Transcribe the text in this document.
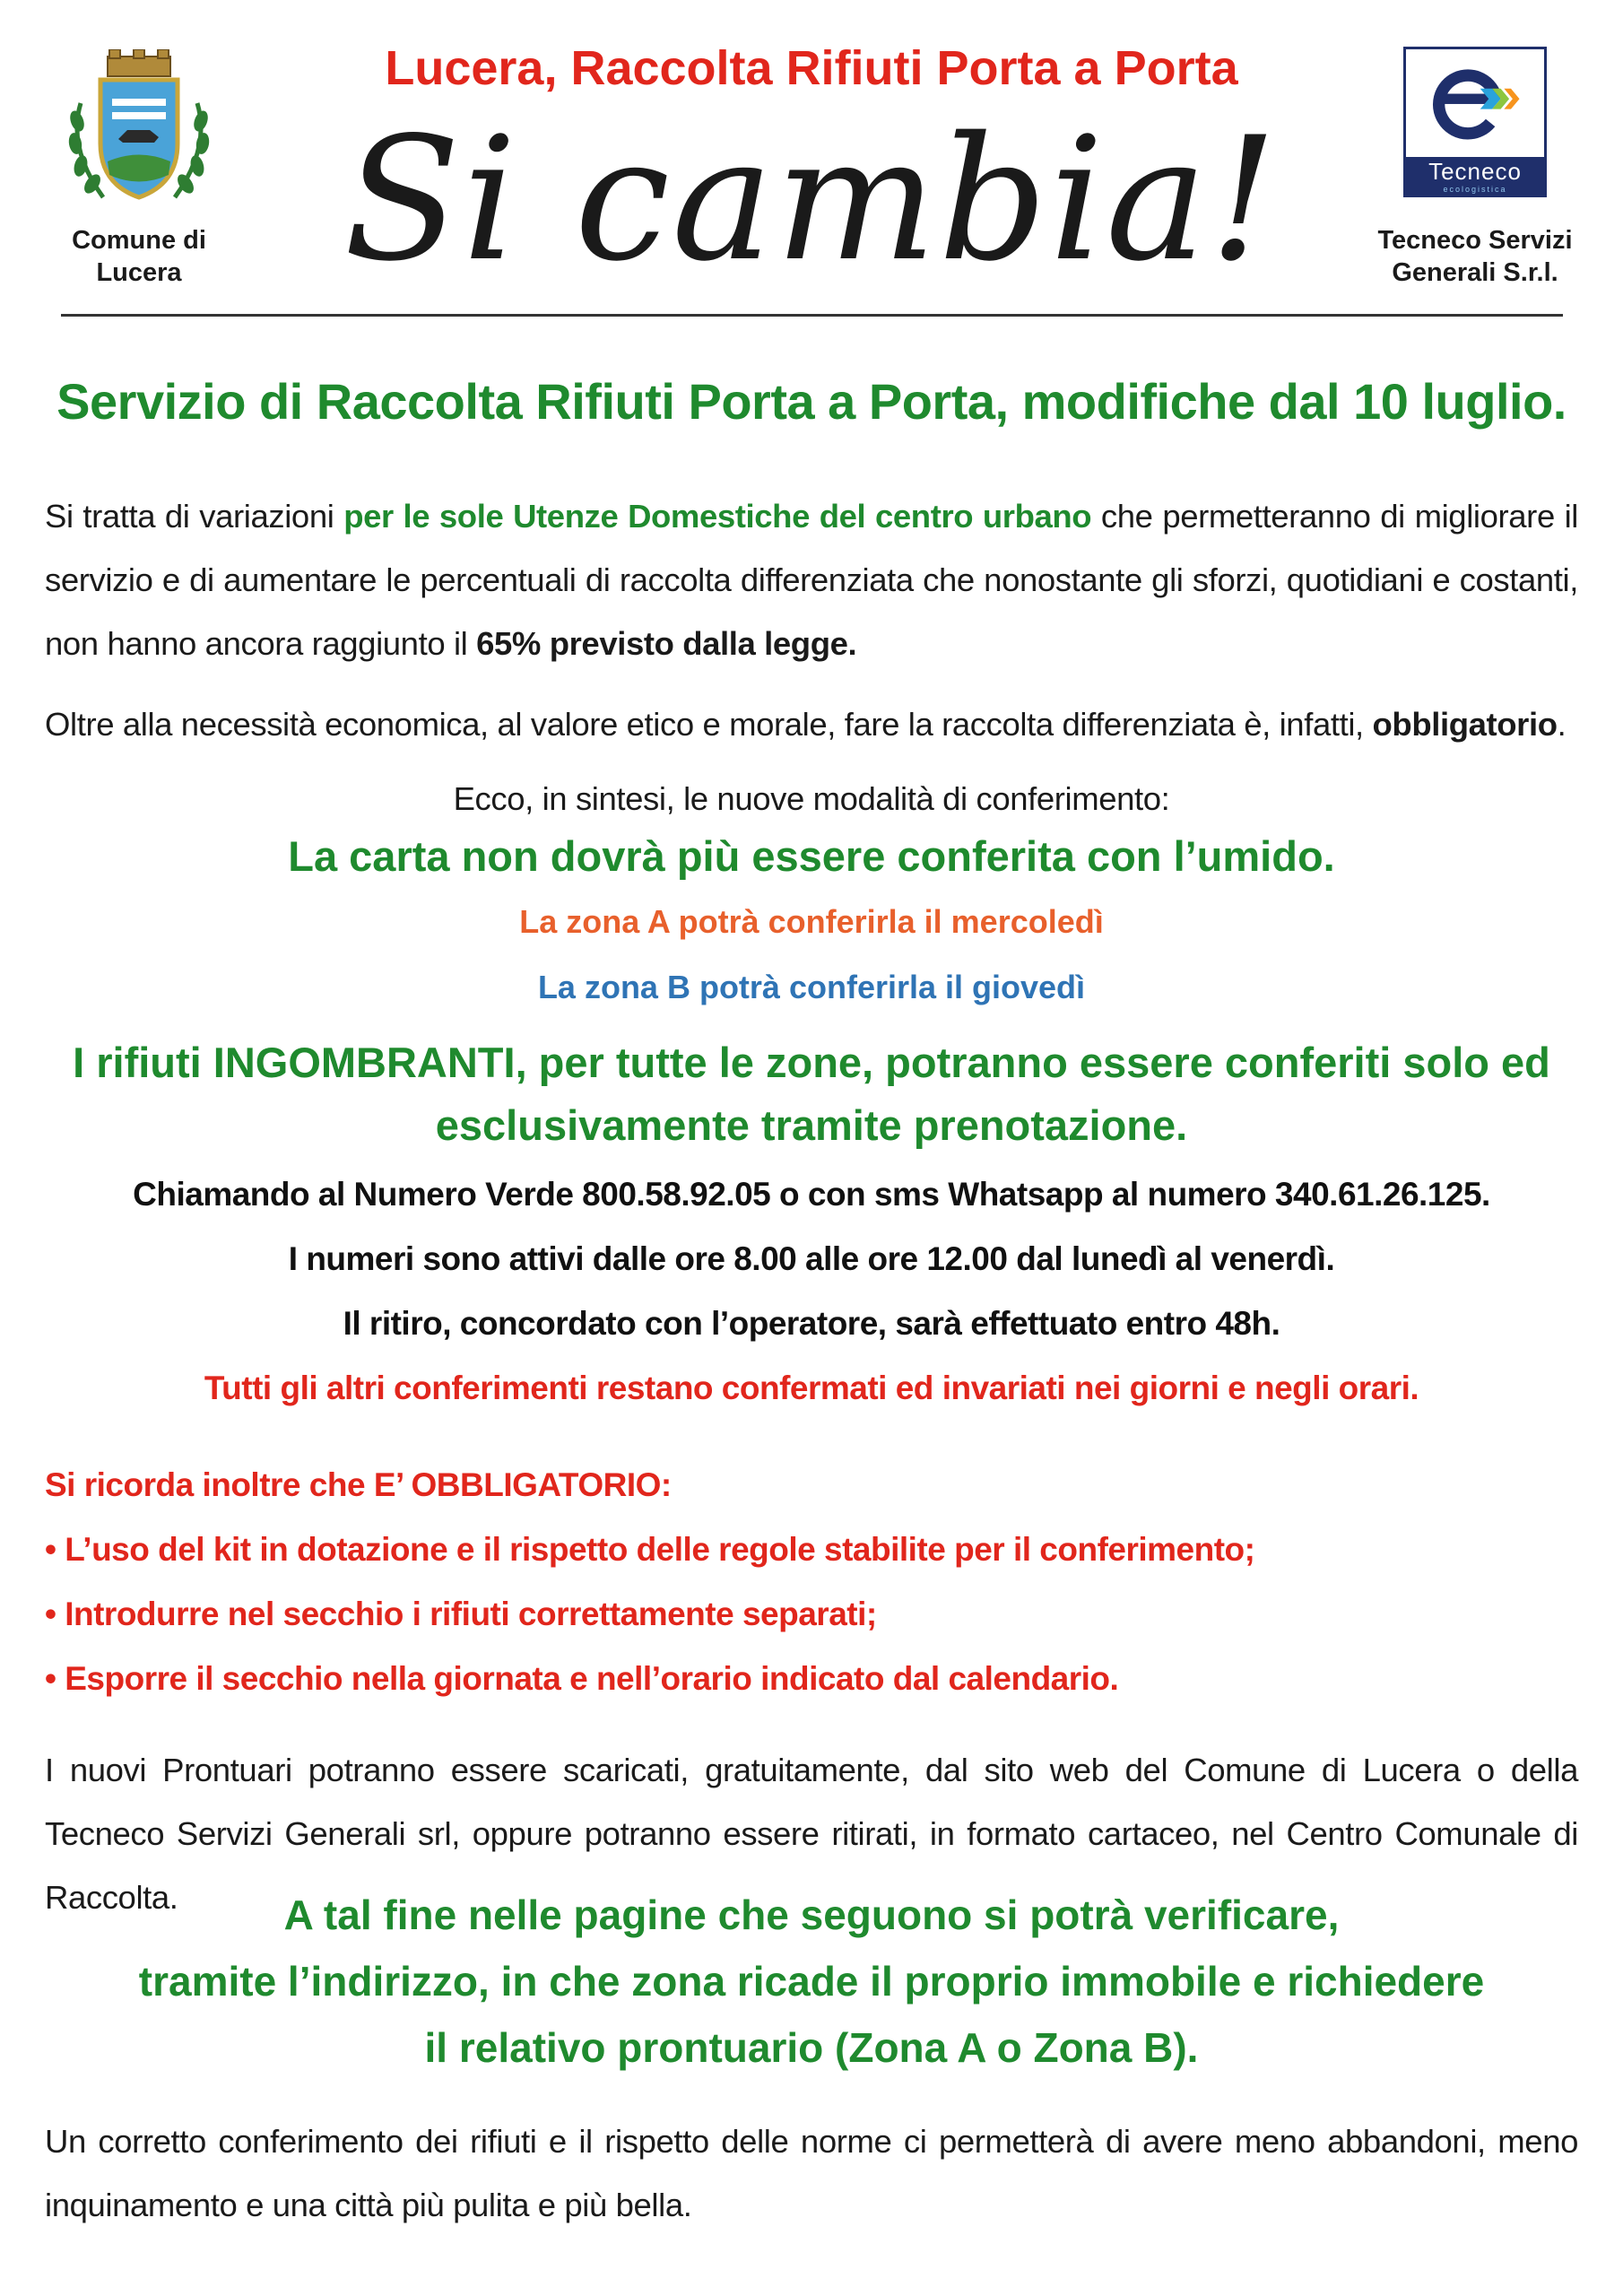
Comune di
Lucera
Lucera, Raccolta Rifiuti Porta a Porta
Si cambia!	Tecneco
ecologistica
Tecneco Servizi
Generali S.r.l.
Servizio di Raccolta Rifiuti Porta a Porta, modifiche dal 10 luglio.
Si tratta di variazioni per le sole Utenze Domestiche del centro urbano che permetteranno di migliorare il servizio e di aumentare le percentuali di raccolta differenziata che nonostante gli sforzi, quotidiani e costanti, non hanno ancora raggiunto il 65% previsto dalla legge.
Oltre alla necessità economica, al valore etico e morale, fare la raccolta differenziata è, infatti, obbligatorio.
Ecco, in sintesi, le nuove modalità di conferimento:
La carta non dovrà più essere conferita con l’umido.
La zona A potrà conferirla il mercoledì
La zona B potrà conferirla il giovedì
I rifiuti INGOMBRANTI, per tutte le zone, potranno essere conferiti solo ed
esclusivamente tramite prenotazione.
Chiamando al Numero Verde 800.58.92.05 o con sms Whatsapp al numero 340.61.26.125.
I numeri sono attivi dalle ore 8.00 alle ore 12.00 dal lunedì al venerdì.
Il ritiro, concordato con l’operatore, sarà effettuato entro 48h.
Tutti gli altri conferimenti restano confermati ed invariati nei giorni e negli orari.
Si ricorda inoltre che E’ OBBLIGATORIO:
• L’uso del kit in dotazione e il rispetto delle regole stabilite per il conferimento;
• Introdurre nel secchio i rifiuti correttamente separati;
• Esporre il secchio nella giornata e nell’orario indicato dal calendario.
I nuovi Prontuari potranno essere scaricati, gratuitamente, dal sito web del Comune di Lucera o della Tecneco Servizi Generali srl, oppure potranno essere ritirati, in formato cartaceo, nel Centro Comunale di Raccolta.	A tal fine nelle pagine che seguono si potrà verificare,
tramite l’indirizzo, in che zona ricade il proprio immobile e richiedere
il relativo prontuario (Zona A o Zona B).
Un corretto conferimento dei rifiuti e il rispetto delle norme ci permetterà di avere meno abbandoni, meno inquinamento e una città più pulita e più bella.
